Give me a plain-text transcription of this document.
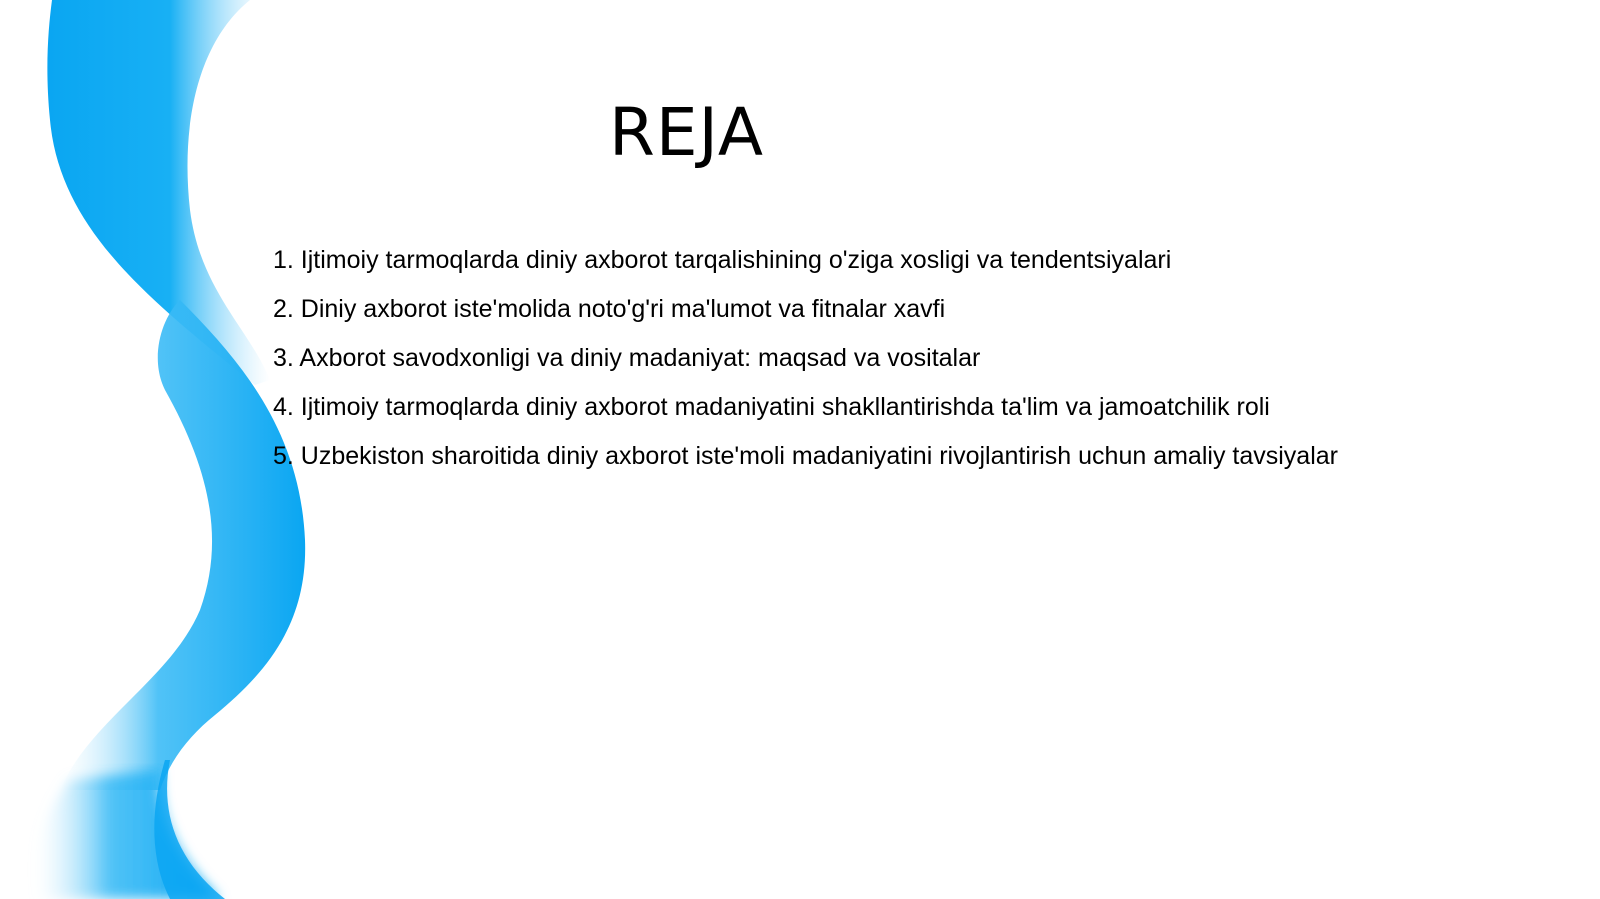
REJA
1. Ijtimoiy tarmoqlarda diniy axborot tarqalishining o'ziga xosligi va tendentsiyalari
2. Diniy axborot iste'molida noto'g'ri ma'lumot va fitnalar xavfi
3. Axborot savodxonligi va diniy madaniyat: maqsad va vositalar
4. Ijtimoiy tarmoqlarda diniy axborot madaniyatini shakllantirishda ta'lim va jamoatchilik roli
5. Uzbekiston sharoitida diniy axborot iste'moli madaniyatini rivojlantirish uchun amaliy tavsiyalar
